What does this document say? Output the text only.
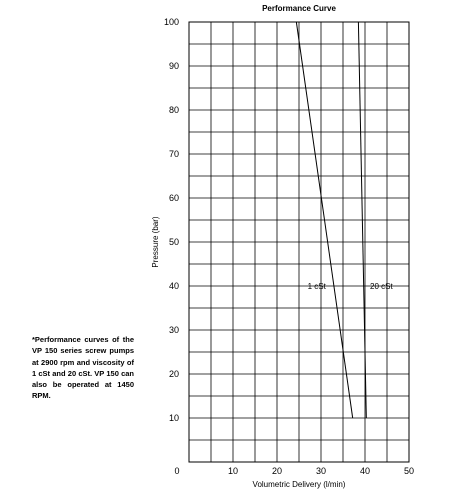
Performance Curve
0	10	20	30	40	50
10
20
30
40
50
60
70
80
90
100
1 cSt	20 cSt
Volumetric Delivery (l/min)
Pressure (bar)

*Performance curves of the VP 150 series screw pumps at 2900 rpm and viscosity of 1 cSt and 20 cSt. VP 150 can also be operated at 1450 RPM.
